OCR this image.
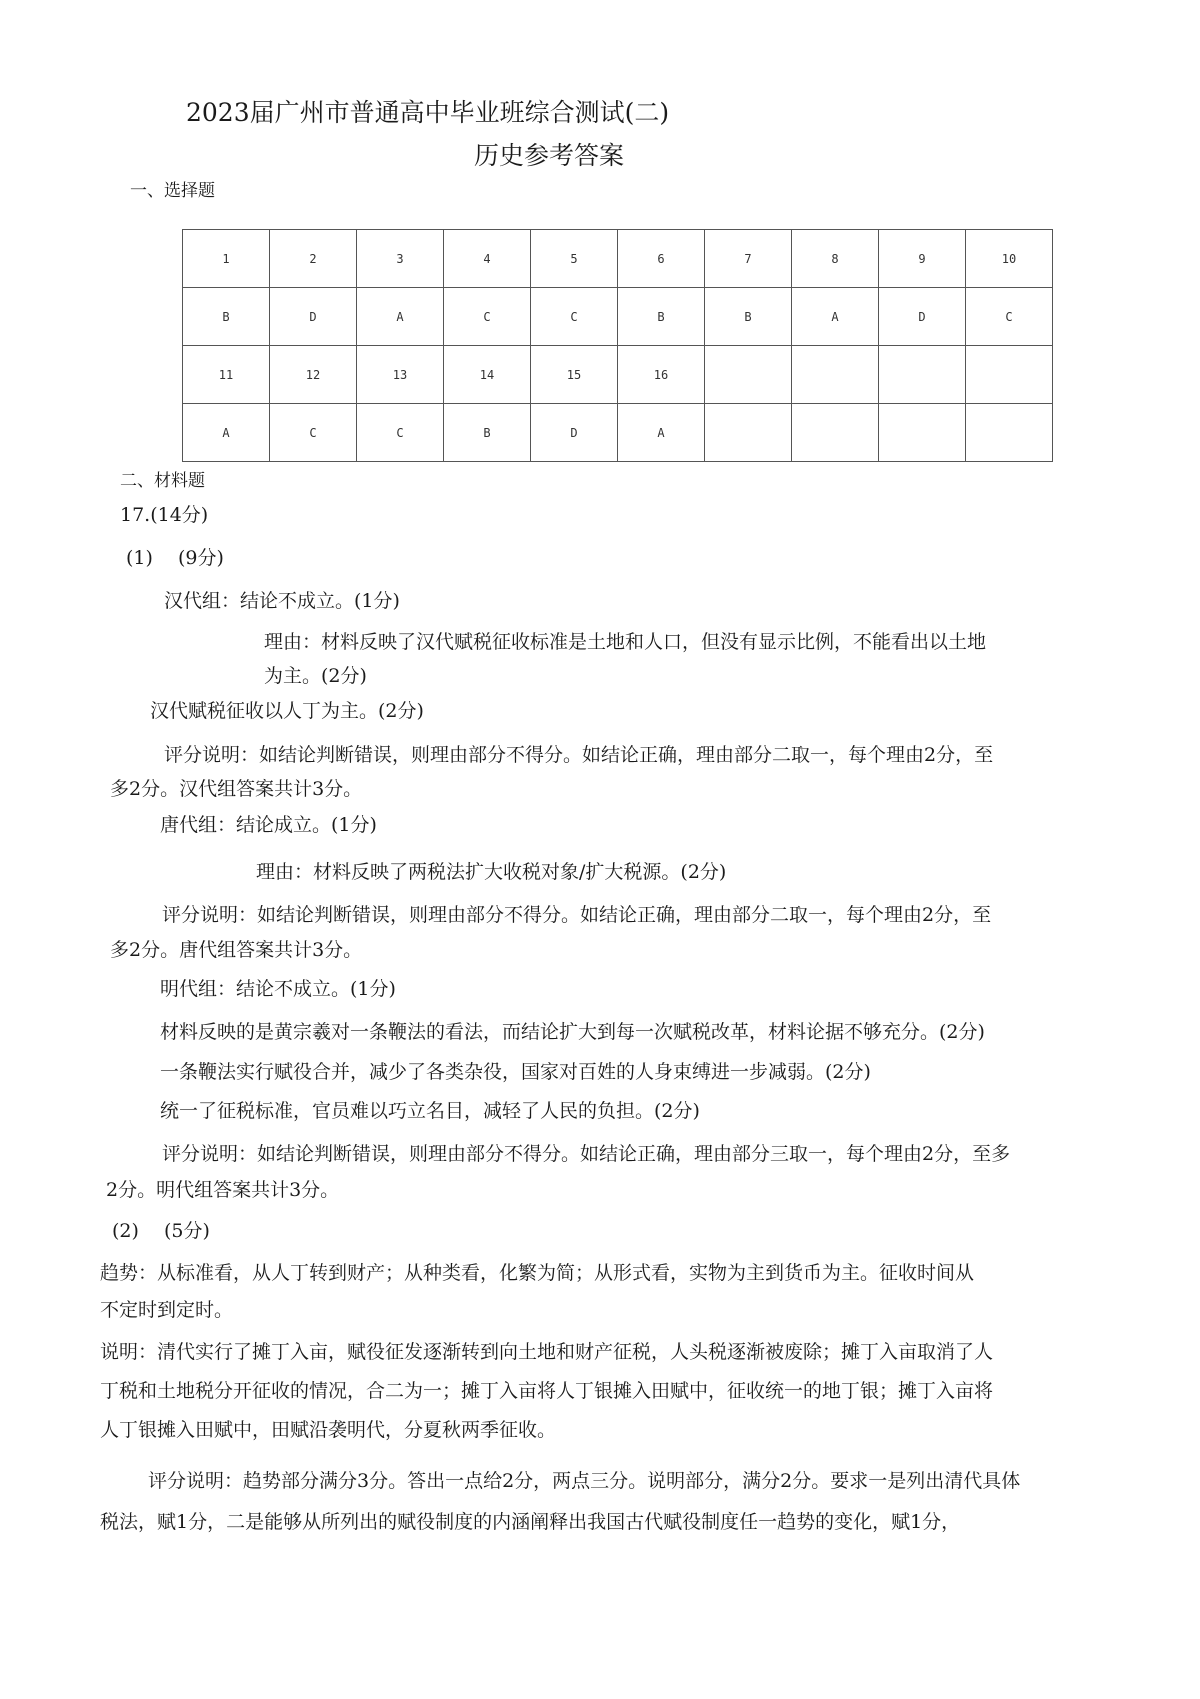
2023届广州市普通高中毕业班综合测试(二)
历史参考答案
一、选择题
1	2	3	4	5	6	7	8	9	10
B	D	A	C	C	B	B	A	D	C
11	12	13	14	15	16				
A	C	C	B	D	A				
二、材料题
17.(14分)
(1)　 (9分)
汉代组：结论不成立。(1分)
理由：材料反映了汉代赋税征收标准是土地和人口，但没有显示比例，不能看出以土地
为主。(2分)
汉代赋税征收以人丁为主。(2分)
评分说明：如结论判断错误，则理由部分不得分。如结论正确，理由部分二取一，每个理由2分，至
多2分。汉代组答案共计3分。
唐代组：结论成立。(1分)
理由：材料反映了两税法扩大收税对象/扩大税源。(2分)
评分说明：如结论判断错误，则理由部分不得分。如结论正确，理由部分二取一，每个理由2分，至
多2分。唐代组答案共计3分。
明代组：结论不成立。(1分)
材料反映的是黄宗羲对一条鞭法的看法，而结论扩大到每一次赋税改革，材料论据不够充分。(2分)
一条鞭法实行赋役合并，减少了各类杂役，国家对百姓的人身束缚进一步减弱。(2分)
统一了征税标准，官员难以巧立名目，减轻了人民的负担。(2分)
评分说明：如结论判断错误，则理由部分不得分。如结论正确，理由部分三取一，每个理由2分，至多
2分。明代组答案共计3分。
(2)　 (5分)
趋势：从标准看，从人丁转到财产；从种类看，化繁为简；从形式看，实物为主到货币为主。征收时间从
不定时到定时。
说明：清代实行了摊丁入亩，赋役征发逐渐转到向土地和财产征税，人头税逐渐被废除；摊丁入亩取消了人
丁税和土地税分开征收的情况，合二为一；摊丁入亩将人丁银摊入田赋中，征收统一的地丁银；摊丁入亩将
人丁银摊入田赋中，田赋沿袭明代，分夏秋两季征收。
评分说明：趋势部分满分3分。答出一点给2分，两点三分。说明部分，满分2分。要求一是列出清代具体
税法，赋1分，二是能够从所列出的赋役制度的内涵阐释出我国古代赋役制度任一趋势的变化，赋1分，
